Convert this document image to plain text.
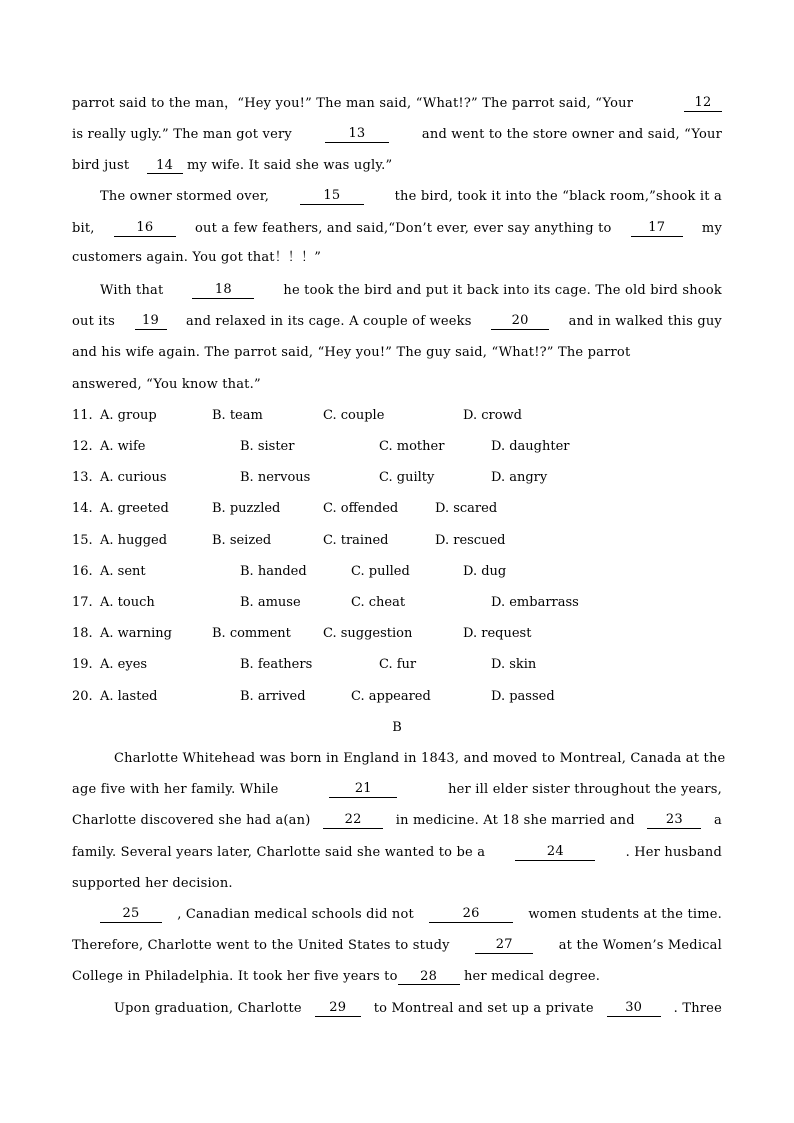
parrot said to the man，“Hey you!” The man said, “What!?” The parrot said, “Your	12
is really ugly.” The man got very	13	and went to the store owner and said, “Your
bird just 14 my wife. It said she was ugly.”
The owner stormed over,	15	the bird, took it into the “black room,”shook it a
bit,	16	out a few feathers, and said,“Don’t ever, ever say anything to	17	my
customers again. You got that！！！”
With that	18	he took the bird and put it back into its cage. The old bird shook
out its	19	and relaxed in its cage. A couple of weeks	20	and in walked this guy
and his wife again. The parrot said, “Hey you!” The guy said, “What!?” The parrot
answered, “You know that.”
11. A. group	B. team	C. couple	D. crowd
12. A. wife	B. sister	C. mother	D. daughter
13. A. curious	B. nervous	C. guilty	D. angry
14. A. greeted	B. puzzled	C. offended	D. scared
15. A. hugged	B. seized	C. trained	D. rescued
16. A. sent	B. handed	C. pulled	D. dug
17. A. touch	B. amuse	C. cheat	D. embarrass
18. A. warning	B. comment C. suggestion	D. request
19. A. eyes	B. feathers	C. fur	D. skin
20. A. lasted	B. arrived	C. appeared	D. passed
B
Charlotte Whitehead was born in England in 1843, and moved to Montreal, Canada at the
age five with her family. While	21	her ill elder sister throughout the years,
Charlotte discovered she had a(an)	22	in medicine. At 18 she married and	23	a
family. Several years later, Charlotte said she wanted to be a	24	. Her husband
supported her decision.
25	, Canadian medical schools did not	26	women students at the time.
Therefore, Charlotte went to the United States to study	27	at the Women’s Medical
College in Philadelphia. It took her five years to 28 her medical degree.
Upon graduation, Charlotte	29	to Montreal and set up a private	30	. Three
